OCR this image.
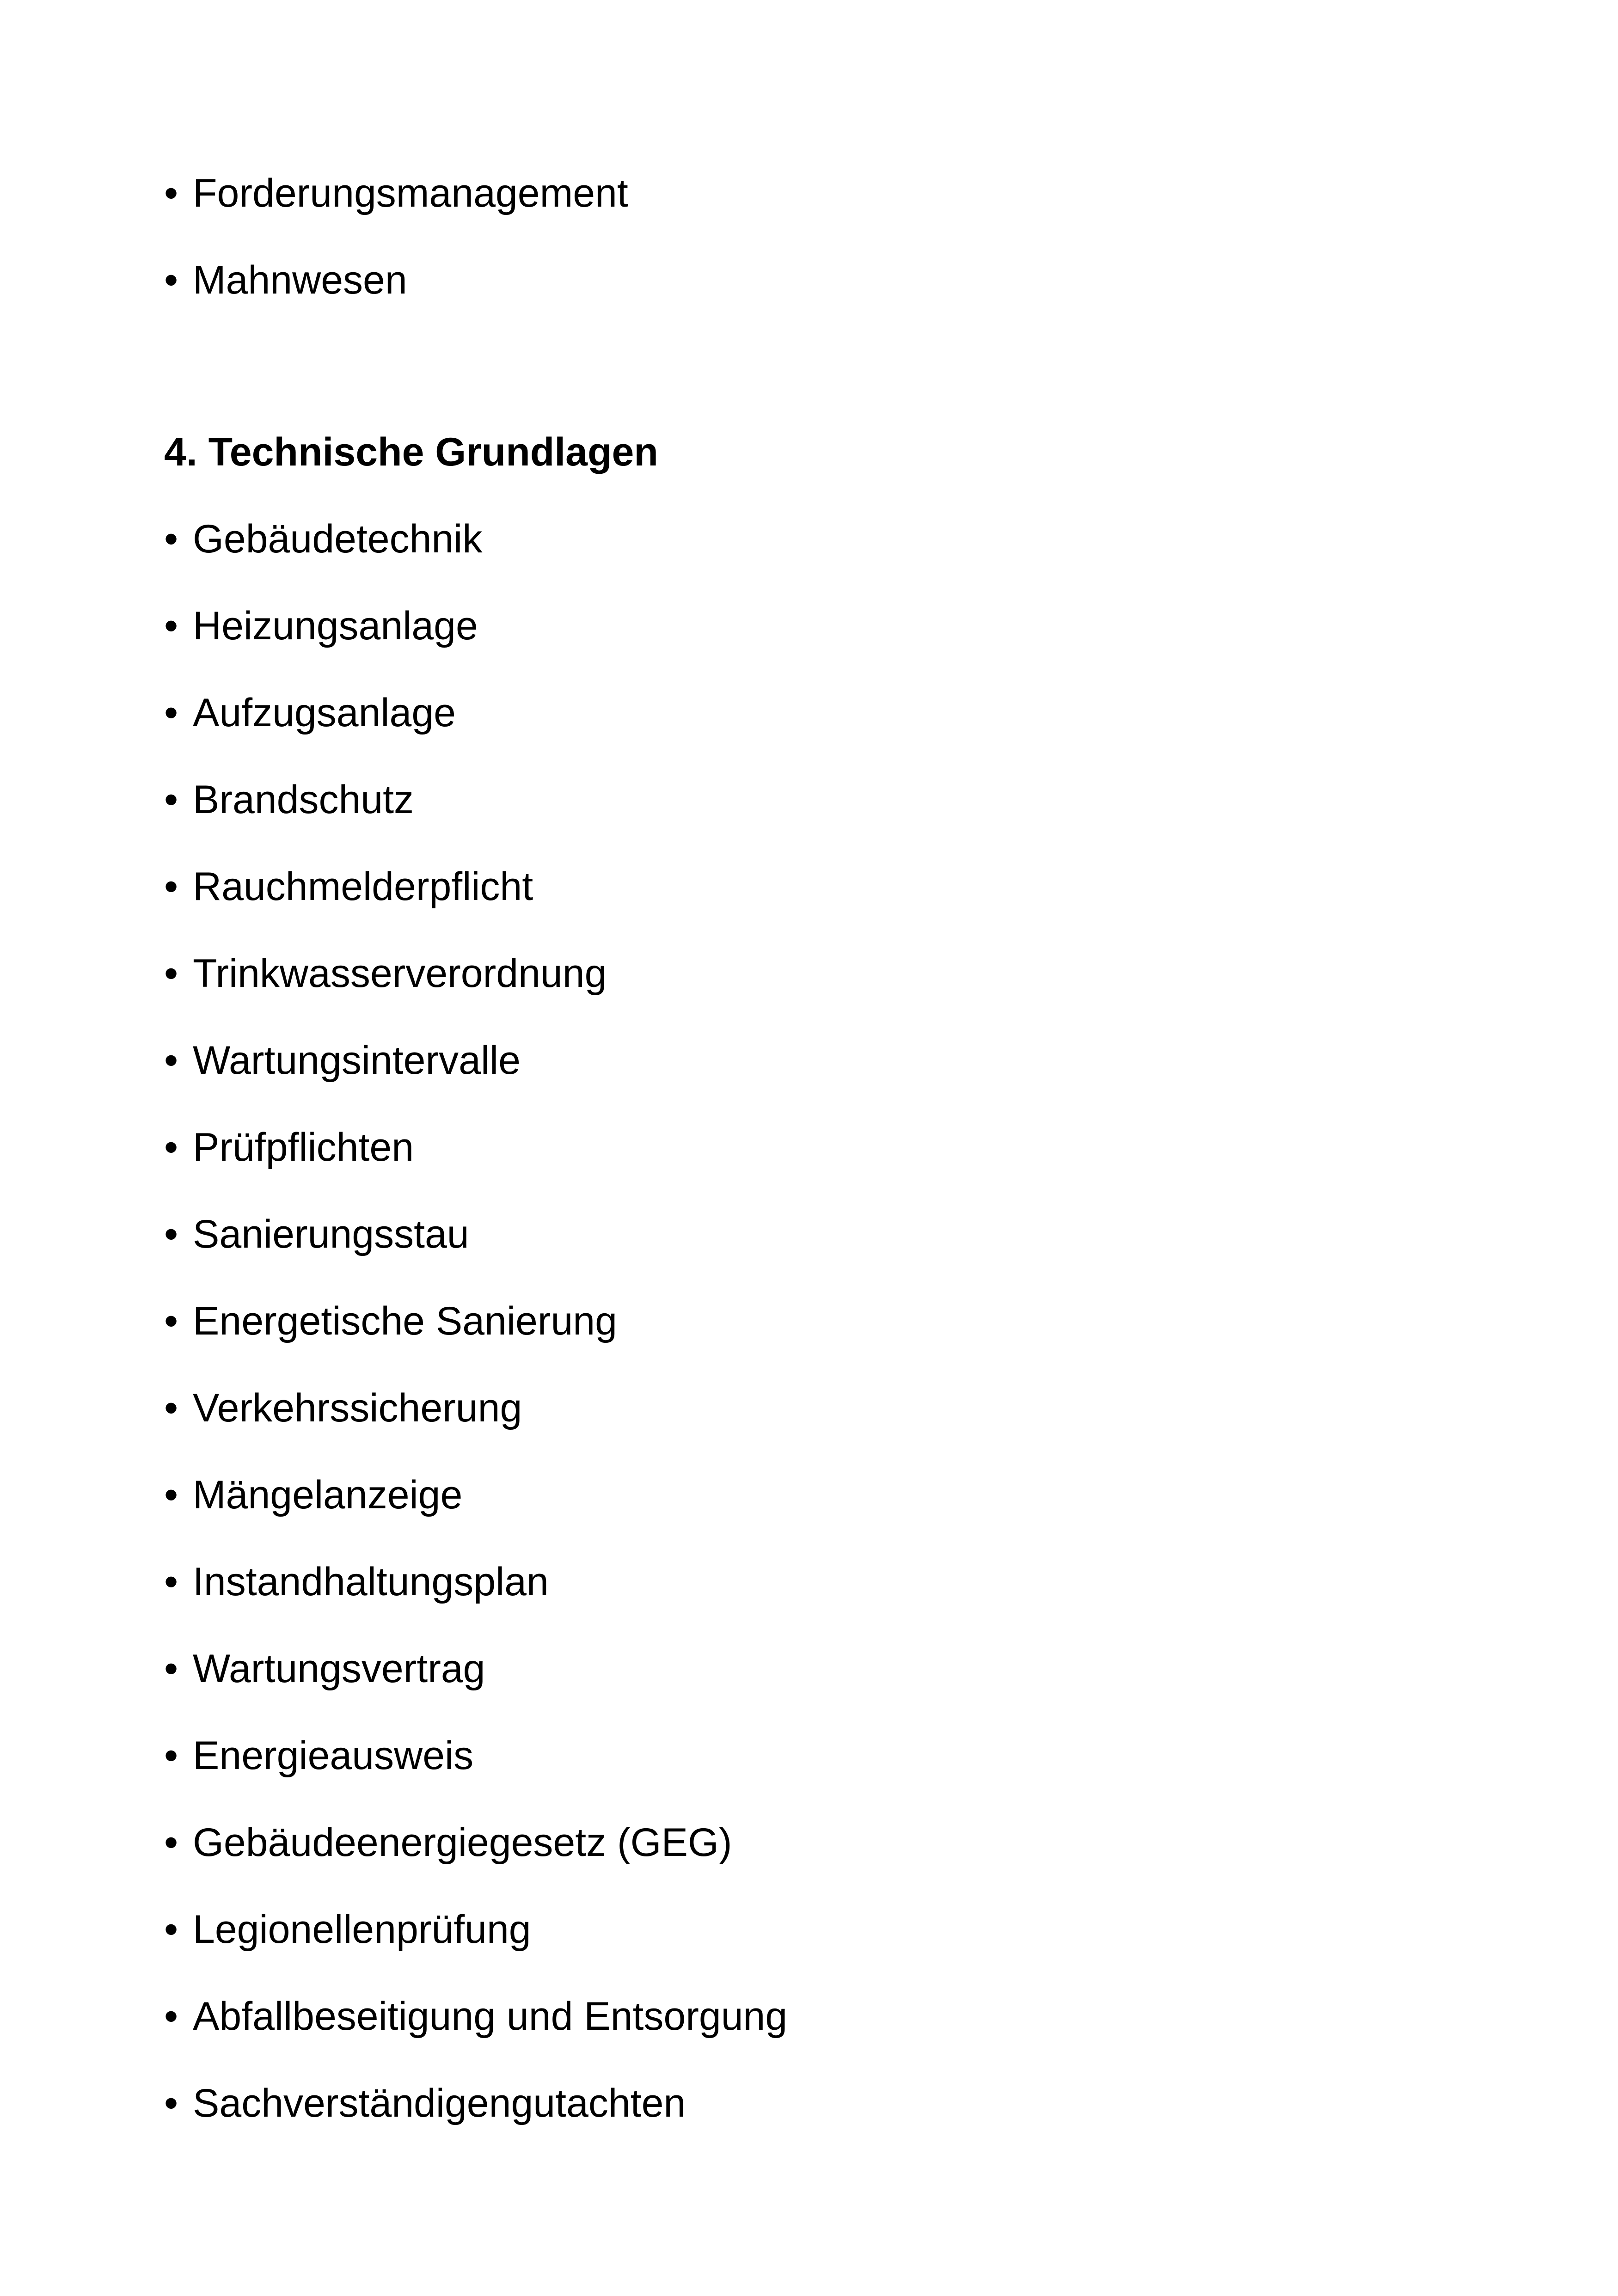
• Forderungsmanagement
• Mahnwesen
4. Technische Grundlagen
• Gebäudetechnik
• Heizungsanlage
• Aufzugsanlage
• Brandschutz
• Rauchmelderpflicht
• Trinkwasserverordnung
• Wartungsintervalle
• Prüfpflichten
• Sanierungsstau
• Energetische Sanierung
• Verkehrssicherung
• Mängelanzeige
• Instandhaltungsplan
• Wartungsvertrag
• Energieausweis
• Gebäudeenergiegesetz (GEG)
• Legionellenprüfung
• Abfallbeseitigung und Entsorgung
• Sachverständigengutachten
